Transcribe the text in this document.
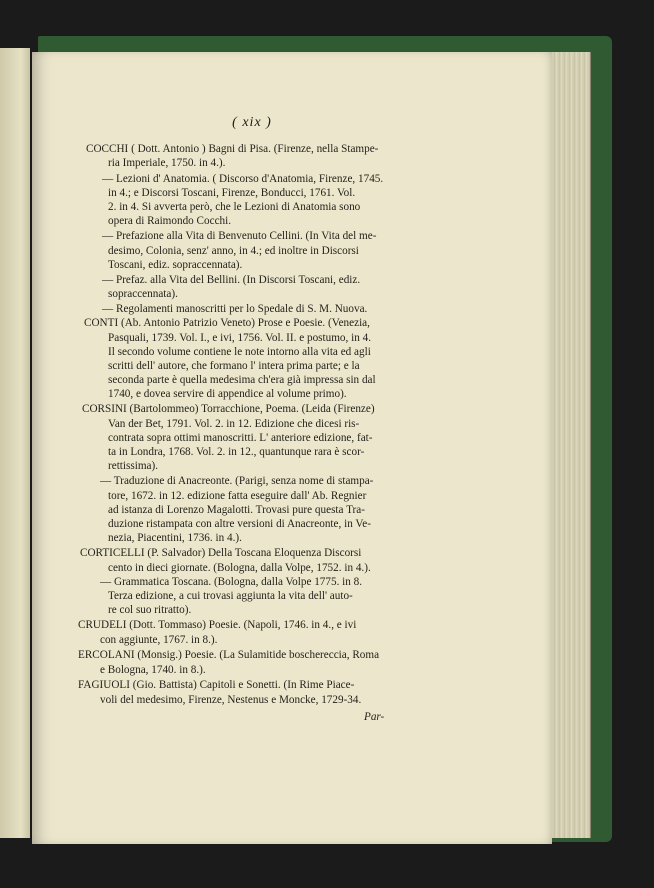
( xix )
COCCHI ( Dott. Antonio ) Bagni di Pisa. (Firenze, nella Stampe-
ria Imperiale, 1750. in 4.).
— Lezioni d' Anatomia. ( Discorso d'Anatomia, Firenze, 1745.
in 4.; e Discorsi Toscani, Firenze, Bonducci, 1761. Vol.
2. in 4. Si avverta però, che le Lezioni di Anatomia sono
opera di Raimondo Cocchi.
— Prefazione alla Vita di Benvenuto Cellini. (In Vita del me-
desimo, Colonia, senz' anno, in 4.; ed inoltre in Discorsi
Toscani, ediz. sopraccennata).
— Prefaz. alla Vita del Bellini. (In Discorsi Toscani, ediz.
sopraccennata).
— Regolamenti manoscritti per lo Spedale di S. M. Nuova.
CONTI (Ab. Antonio Patrizio Veneto) Prose e Poesie. (Venezia,
Pasquali, 1739. Vol. I., e ivi, 1756. Vol. II. e postumo, in 4.
Il secondo volume contiene le note intorno alla vita ed agli
scritti dell' autore, che formano l' intera prima parte; e la
seconda parte è quella medesima ch'era già impressa sin dal
1740, e dovea servire di appendice al volume primo).
CORSINI (Bartolommeo) Torracchione, Poema. (Leida (Firenze)
Van der Bet, 1791. Vol. 2. in 12. Edizione che dicesi ris-
contrata sopra ottimi manoscritti. L' anteriore edizione, fat-
ta in Londra, 1768. Vol. 2. in 12., quantunque rara è scor-
rettissima).
— Traduzione di Anacreonte. (Parigi, senza nome di stampa-
tore, 1672. in 12. edizione fatta eseguire dall' Ab. Regnier
ad istanza di Lorenzo Magalotti. Trovasi pure questa Tra-
duzione ristampata con altre versioni di Anacreonte, in Ve-
nezia, Piacentini, 1736. in 4.).
CORTICELLI (P. Salvador) Della Toscana Eloquenza Discorsi
cento in dieci giornate. (Bologna, dalla Volpe, 1752. in 4.).
— Grammatica Toscana. (Bologna, dalla Volpe 1775. in 8.
Terza edizione, a cui trovasi aggiunta la vita dell' auto-
re col suo ritratto).
CRUDELI (Dott. Tommaso) Poesie. (Napoli, 1746. in 4., e ivi
con aggiunte, 1767. in 8.).
ERCOLANI (Monsig.) Poesie. (La Sulamitide boschereccia, Roma
e Bologna, 1740. in 8.).
FAGIUOLI (Gio. Battista) Capitoli e Sonetti. (In Rime Piace-
voli del medesimo, Firenze, Nestenus e Moncke, 1729-34.
Par-
